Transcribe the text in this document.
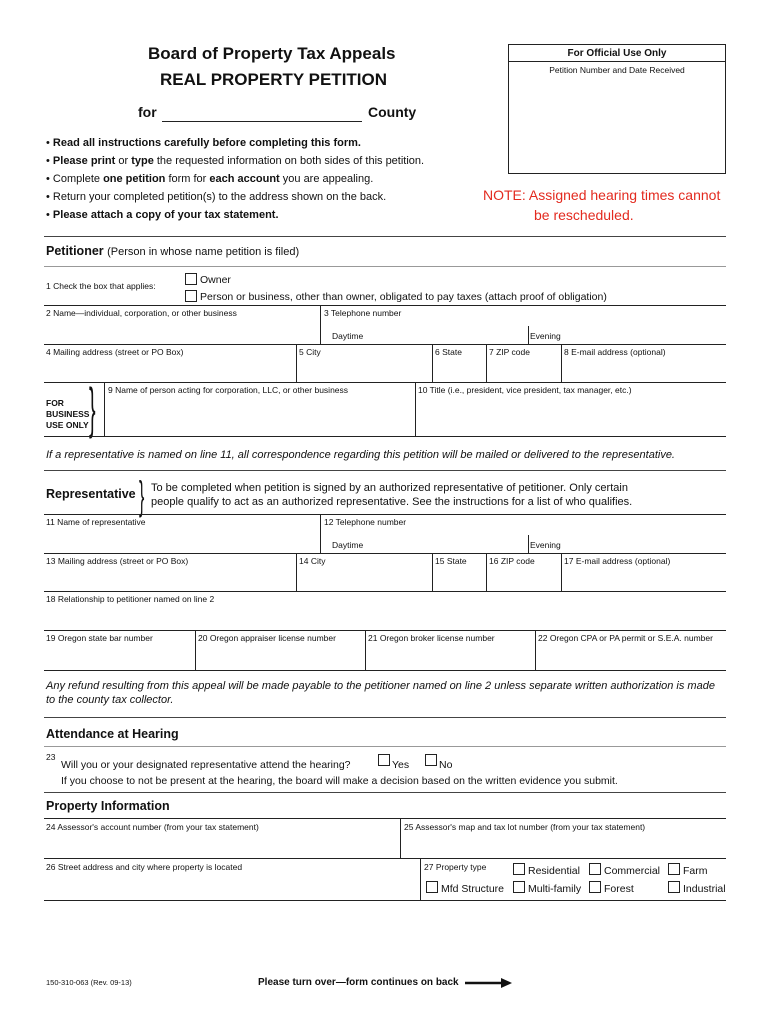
Board of Property Tax Appeals
REAL PROPERTY PETITION
for	County
For Official Use Only
Petition Number and Date Received
• Read all instructions carefully before completing this form.
• Please print or type the requested information on both sides of this petition.
• Complete one petition form for each account you are appealing.
• Return your completed petition(s) to the address shown on the back.
• Please attach a copy of your tax statement.
NOTE: Assigned hearing times cannot
be rescheduled.
Petitioner (Person in whose name petition is filed)
1 Check the box that applies:	Owner
Person or business, other than owner, obligated to pay taxes (attach proof of obligation)
2 Name—individual, corporation, or other business	3 Telephone number
Daytime	Evening
4 Mailing address (street or PO Box)	5 City	6 State	7 ZIP code	8 E-mail address (optional)
FOR
BUSINESS
USE ONLY } 9 Name of person acting for corporation, LLC, or other business	10 Title (i.e., president, vice president, tax manager, etc.)
If a representative is named on line 11, all correspondence regarding this petition will be mailed or delivered to the representative.
Representative } To be completed when petition is signed by an authorized representative of petitioner. Only certain
people qualify to act as an authorized representative. See the instructions for a list of who qualifies.
11 Name of representative	12 Telephone number
Daytime	Evening
13 Mailing address (street or PO Box)	14 City	15 State	16 ZIP code	17 E-mail address (optional)
18 Relationship to petitioner named on line 2
19 Oregon state bar number	20 Oregon appraiser license number	21 Oregon broker license number	22 Oregon CPA or PA permit or S.E.A. number
Any refund resulting from this appeal will be made payable to the petitioner named on line 2 unless separate written authorization is made
to the county tax collector.
Attendance at Hearing
23
Will you or your designated representative attend the hearing?	Yes	No
If you choose to not be present at the hearing, the board will make a decision based on the written evidence you submit.
Property Information
24 Assessor's account number (from your tax statement)	25 Assessor's map and tax lot number (from your tax statement)
26 Street address and city where property is located	27 Property type	Residential Commercial Farm
Mfd Structure Multi-family Forest	Industrial
150-310-063 (Rev. 09-13)	Please turn over—form continues on back
